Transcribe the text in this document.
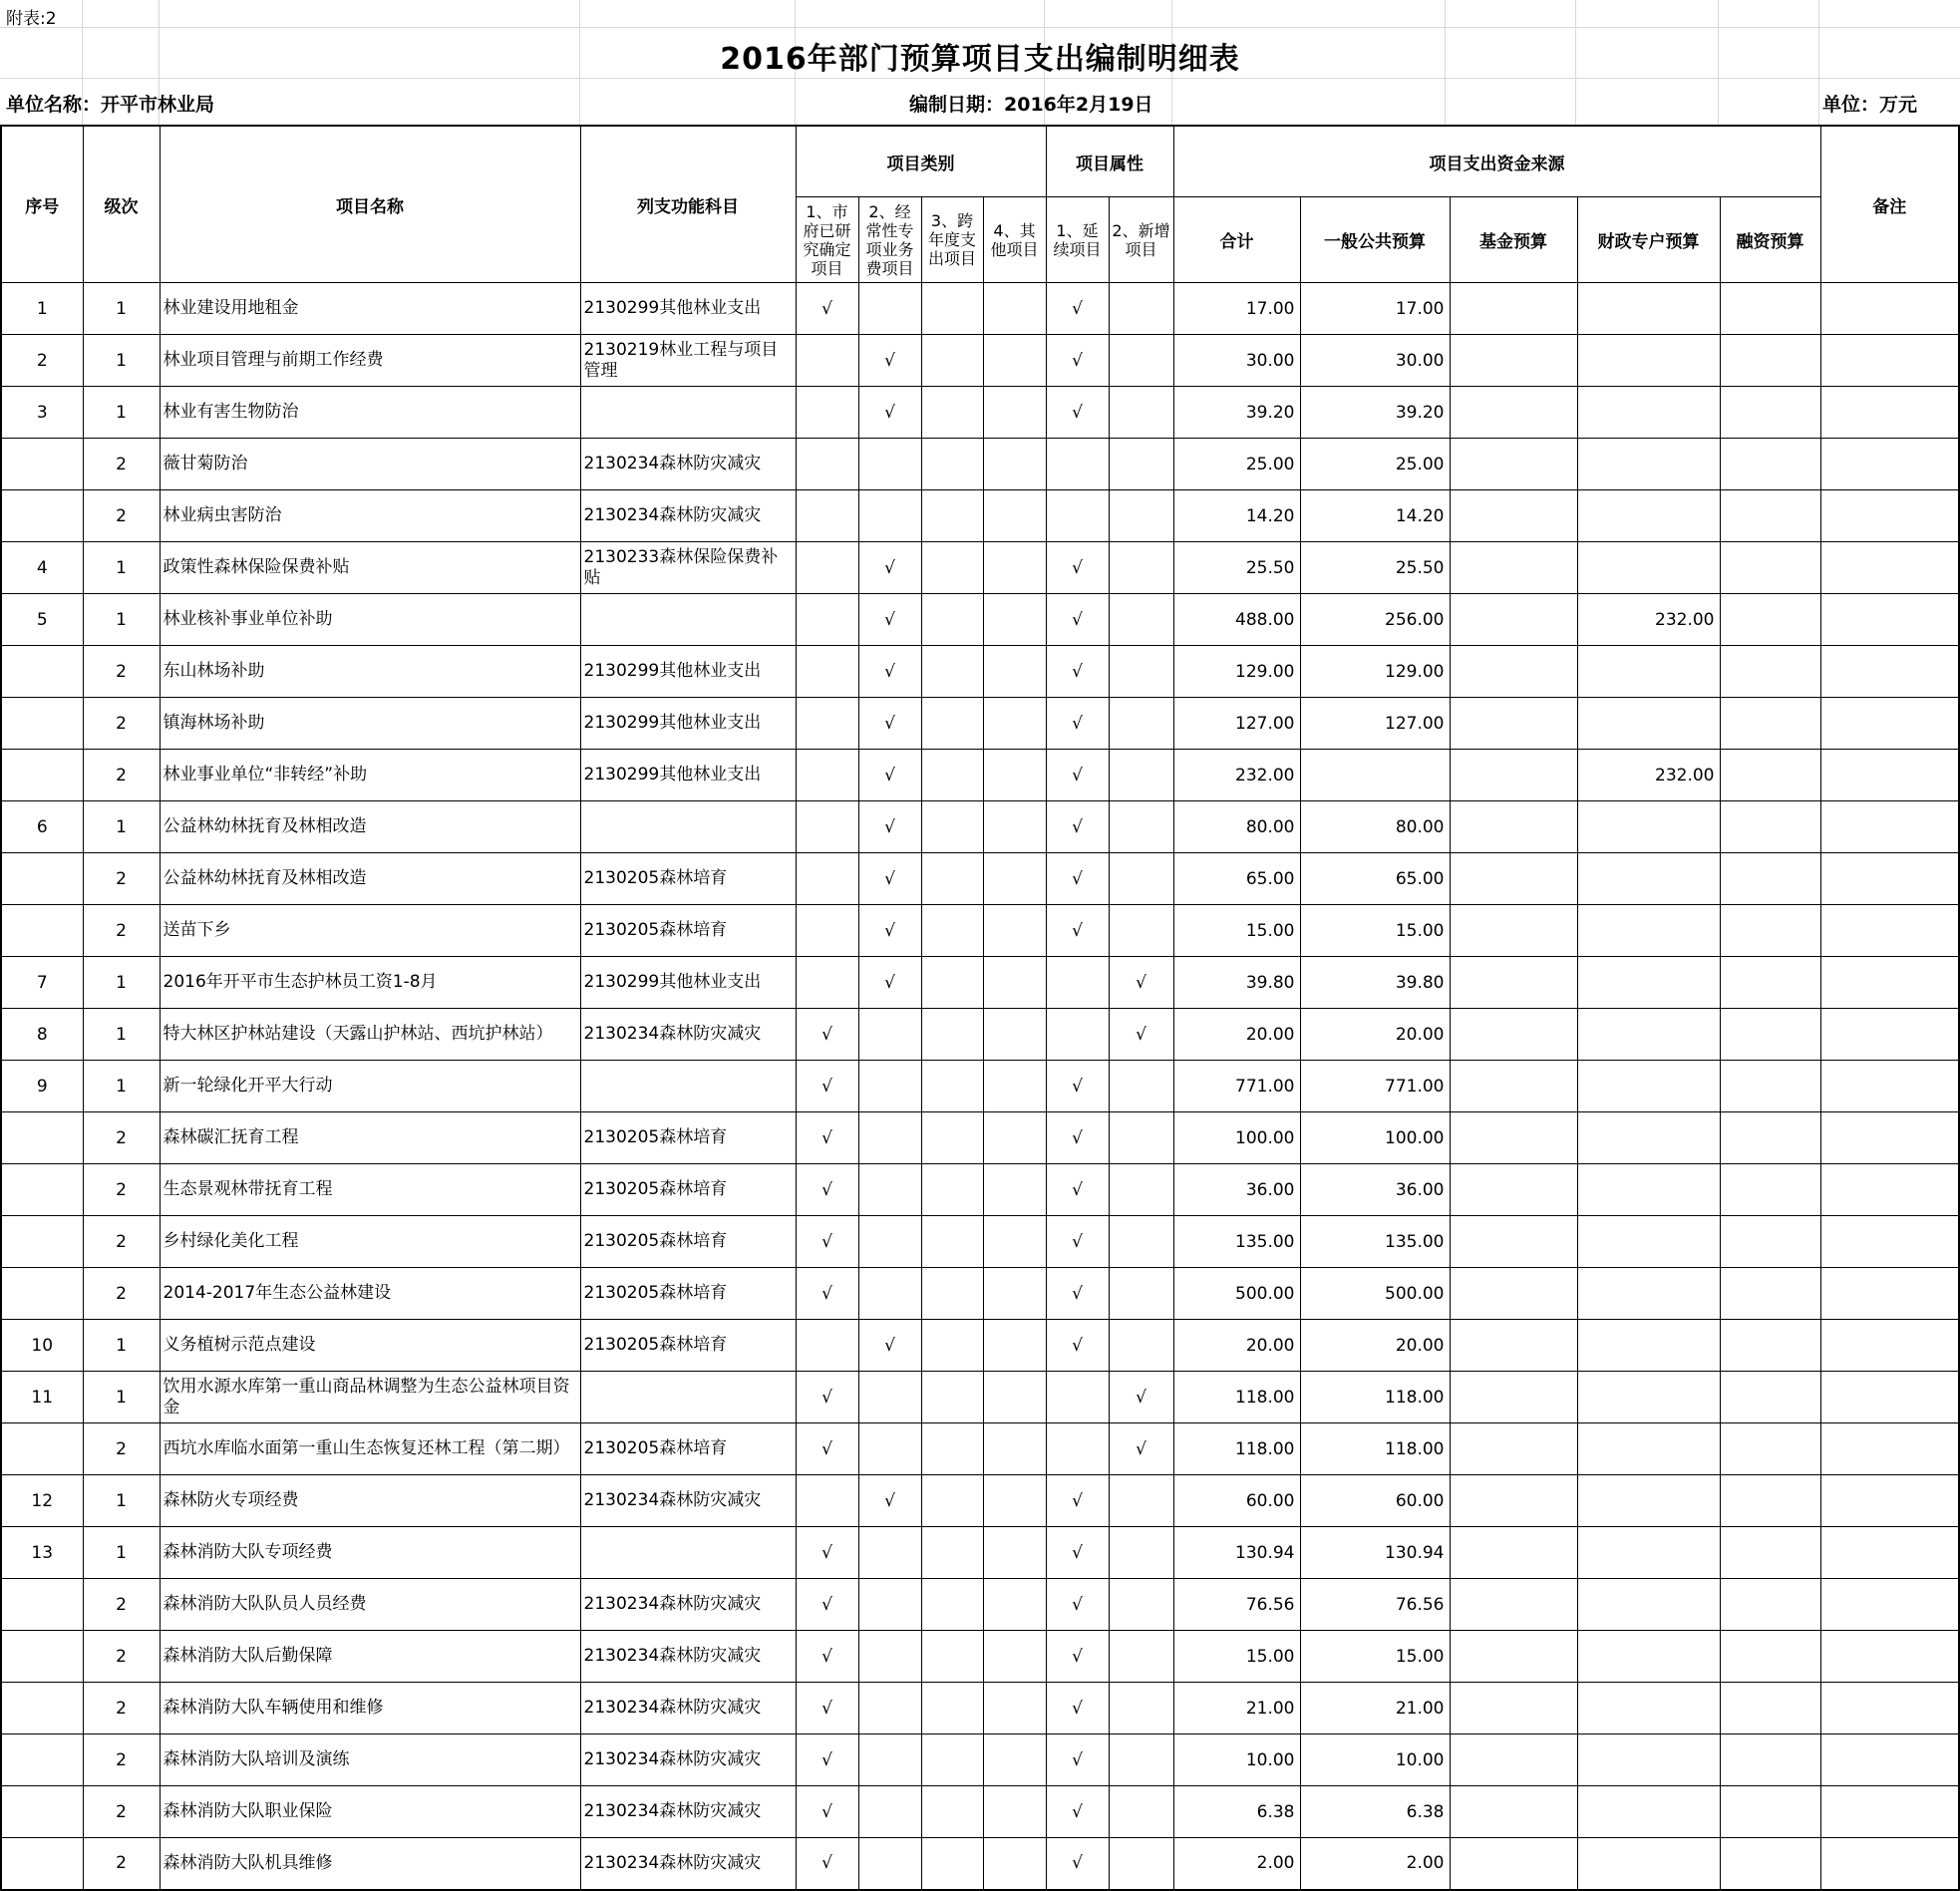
附表:2
2016年部门预算项目支出编制明细表
单位名称：开平市林业局	编制日期：2016年2月19日	单位：万元
序号	级次	项目名称	列支功能科目	项目类别				项目属性		项目支出资金来源					备注
				1、市府已研究确定项目	2、经常性专项业务费项目	3、跨年度支出项目	4、其他项目	1、延续项目	2、新增项目	合计	一般公共预算	基金预算	财政专户预算	融资预算	
1	1	林业建设用地租金	2130299其他林业支出	√				√		17.00	17.00				
2	1	林业项目管理与前期工作经费	2130219林业工程与项目管理		√			√		30.00	30.00				
3	1	林业有害生物防治			√			√		39.20	39.20				
	2	薇甘菊防治	2130234森林防灾减灾							25.00	25.00				
	2	林业病虫害防治	2130234森林防灾减灾							14.20	14.20				
4	1	政策性森林保险保费补贴	2130233森林保险保费补贴		√			√		25.50	25.50				
5	1	林业核补事业单位补助			√			√		488.00	256.00		232.00		
	2	东山林场补助	2130299其他林业支出		√			√		129.00	129.00				
	2	镇海林场补助	2130299其他林业支出		√			√		127.00	127.00				
	2	林业事业单位“非转经”补助	2130299其他林业支出		√			√		232.00			232.00		
6	1	公益林幼林抚育及林相改造			√			√		80.00	80.00				
	2	公益林幼林抚育及林相改造	2130205森林培育		√			√		65.00	65.00				
	2	送苗下乡	2130205森林培育		√			√		15.00	15.00				
7	1	2016年开平市生态护林员工资1-8月	2130299其他林业支出		√				√	39.80	39.80				
8	1	特大林区护林站建设（天露山护林站、西坑护林站）	2130234森林防灾减灾	√					√	20.00	20.00				
9	1	新一轮绿化开平大行动		√				√		771.00	771.00				
	2	森林碳汇抚育工程	2130205森林培育	√				√		100.00	100.00				
	2	生态景观林带抚育工程	2130205森林培育	√				√		36.00	36.00				
	2	乡村绿化美化工程	2130205森林培育	√				√		135.00	135.00				
	2	2014-2017年生态公益林建设	2130205森林培育	√				√		500.00	500.00				
10	1	义务植树示范点建设	2130205森林培育		√			√		20.00	20.00				
11	1	饮用水源水库第一重山商品林调整为生态公益林项目资金		√					√	118.00	118.00				
	2	西坑水库临水面第一重山生态恢复还林工程（第二期）	2130205森林培育	√					√	118.00	118.00				
12	1	森林防火专项经费	2130234森林防灾减灾		√			√		60.00	60.00				
13	1	森林消防大队专项经费		√				√		130.94	130.94				
	2	森林消防大队队员人员经费	2130234森林防灾减灾	√				√		76.56	76.56				
	2	森林消防大队后勤保障	2130234森林防灾减灾	√				√		15.00	15.00				
	2	森林消防大队车辆使用和维修	2130234森林防灾减灾	√				√		21.00	21.00				
	2	森林消防大队培训及演练	2130234森林防灾减灾	√				√		10.00	10.00				
	2	森林消防大队职业保险	2130234森林防灾减灾	√				√		6.38	6.38				
	2	森林消防大队机具维修	2130234森林防灾减灾	√				√		2.00	2.00				
